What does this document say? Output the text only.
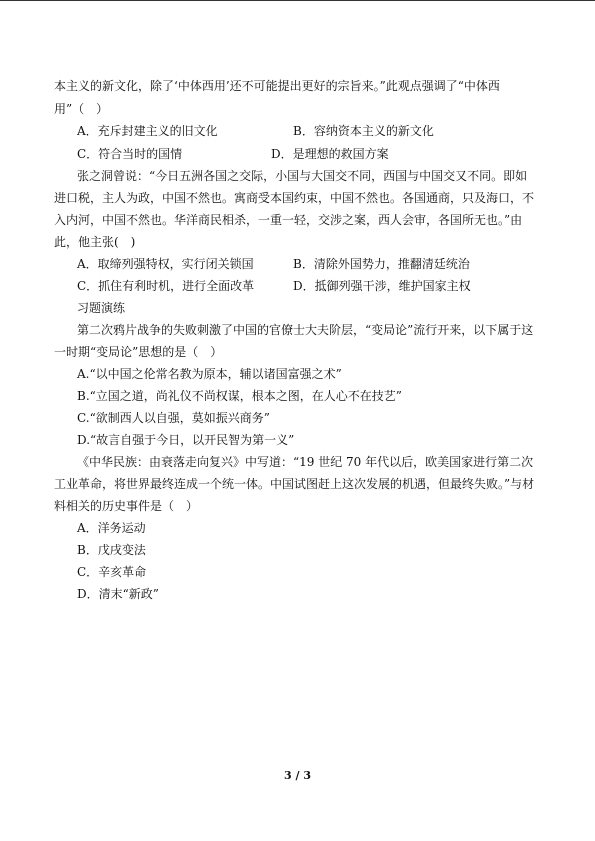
本主义的新文化，除了‘中体西用’还不可能提出更好的宗旨来。”此观点强调了“中体西
用”（　）
A．充斥封建主义的旧文化	B．容纳资本主义的新文化
C．符合当时的国情	D．是理想的救国方案
张之洞曾说：“今日五洲各国之交际，小国与大国交不同，西国与中国交又不同。即如
进口税，主人为政，中国不然也。寓商受本国约束，中国不然也。各国通商，只及海口，不
入内河，中国不然也。华洋商民相杀，一重一轻，交涉之案，西人会审，各国所无也。”由
此，他主张(　)
A．取缔列强特权，实行闭关锁国	B．清除外国势力，推翻清廷统治
C．抓住有利时机，进行全面改革	D．抵御列强干涉，维护国家主权
习题演练
第二次鸦片战争的失败刺激了中国的官僚士大夫阶层，“变局论”流行开来，以下属于这
一时期“变局论”思想的是（　）
A.“以中国之伦常名教为原本，辅以诸国富强之术”
B.“立国之道，尚礼仪不尚权谋，根本之图，在人心不在技艺”
C.“欲制西人以自强，莫如振兴商务”
D.“故言自强于今日，以开民智为第一义”
《中华民族：由衰落走向复兴》中写道：“19 世纪 70 年代以后，欧美国家进行第二次
工业革命，将世界最终连成一个统一体。中国试图赶上这次发展的机遇，但最终失败。”与材
料相关的历史事件是（　）
A．洋务运动
B．戊戌变法
C．辛亥革命
D．清末“新政”
3 / 3
